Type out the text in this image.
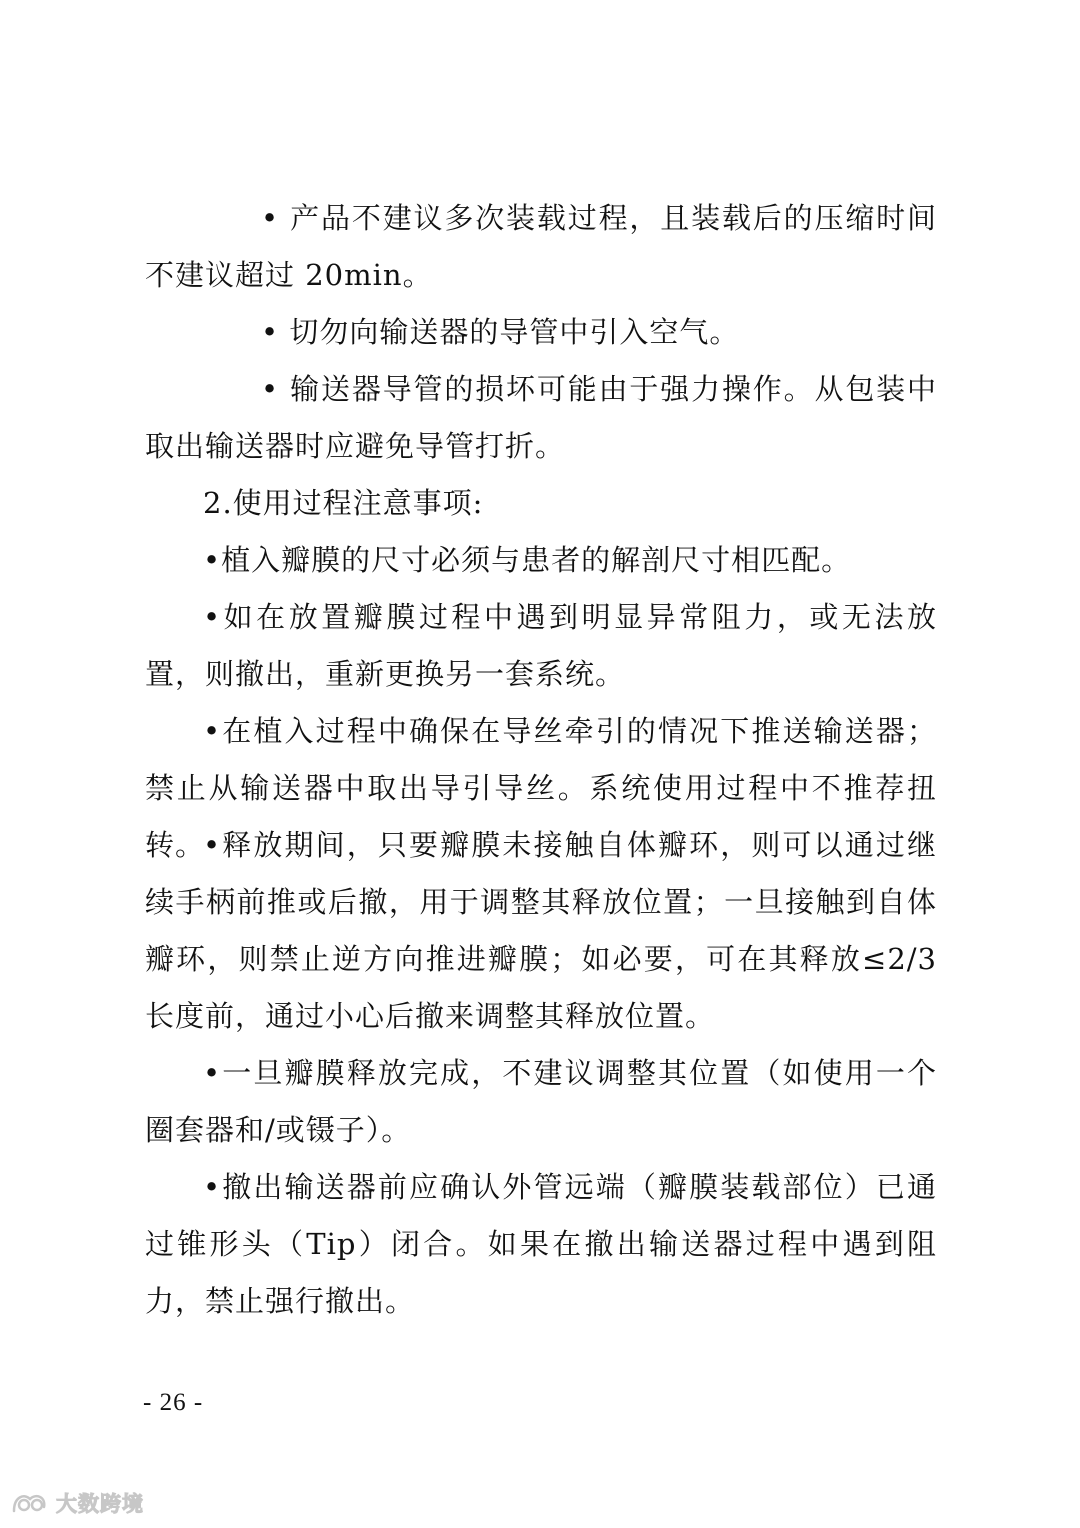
• 产品不建议多次装载过程，且装载后的压缩时间不建议超过 20min。

• 切勿向输送器的导管中引入空气。

• 输送器导管的损坏可能由于强力操作。从包装中取出输送器时应避免导管打折。

2.使用过程注意事项:

•植入瓣膜的尺寸必须与患者的解剖尺寸相匹配。

•如在放置瓣膜过程中遇到明显异常阻力，或无法放置，则撤出，重新更换另一套系统。

•在植入过程中确保在导丝牵引的情况下推送输送器；禁止从输送器中取出导引导丝。系统使用过程中不推荐扭转。

•释放期间，只要瓣膜未接触自体瓣环，则可以通过继续手柄前推或后撤，用于调整其释放位置；一旦接触到自体瓣环，则禁止逆方向推进瓣膜；如必要，可在其释放≤2/3 长度前，通过小心后撤来调整其释放位置。

•一旦瓣膜释放完成，不建议调整其位置（如使用一个圈套器和/或镊子）。

•撤出输送器前应确认外管远端（瓣膜装载部位）已通过锥形头（Tip）闭合。如果在撤出输送器过程中遇到阻力，禁止强行撤出。

- 26 -
大数跨境
